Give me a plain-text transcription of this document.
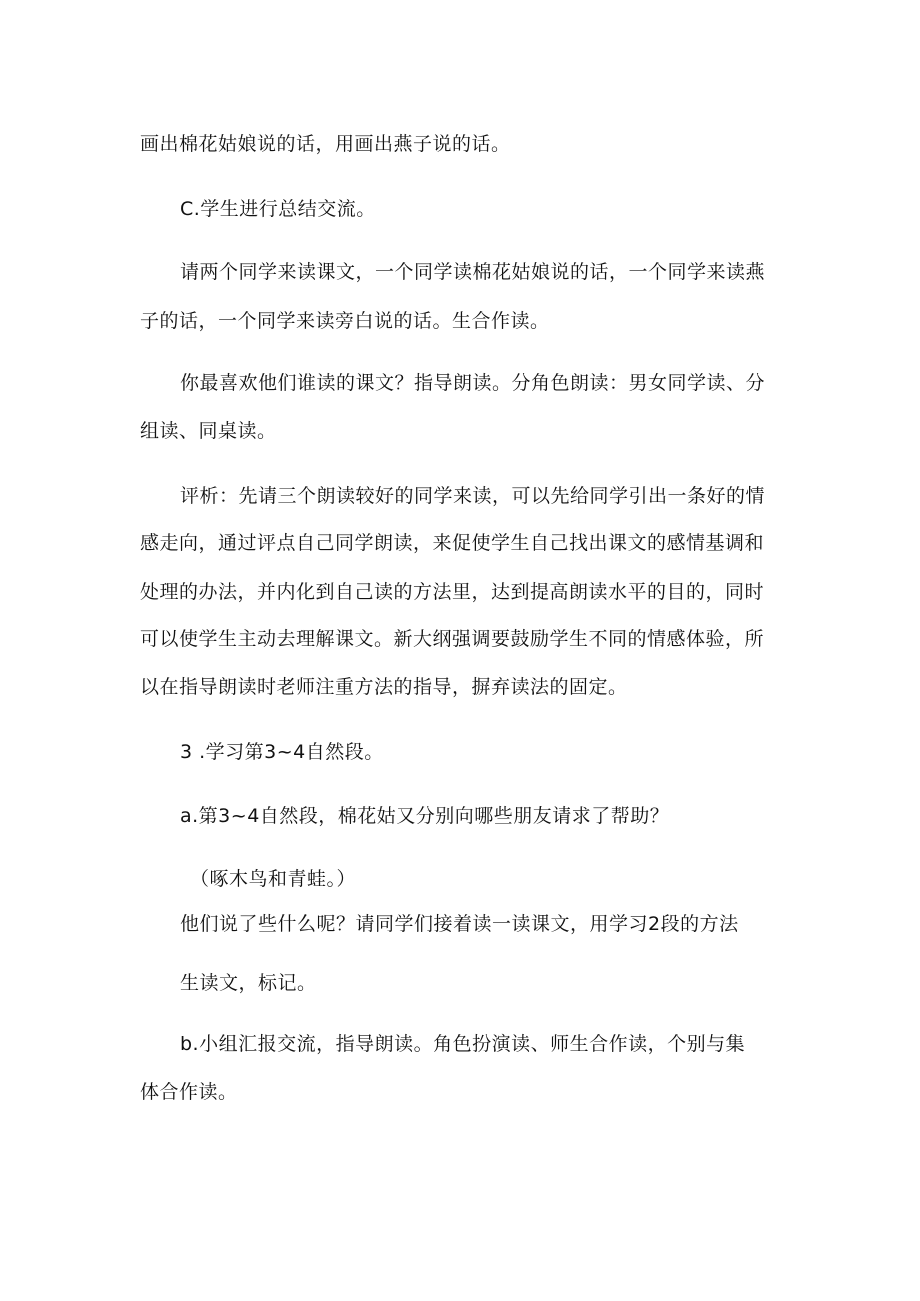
画出棉花姑娘说的话，用画出燕子说的话。
C.学生进行总结交流。
请两个同学来读课文，一个同学读棉花姑娘说的话，一个同学来读燕
子的话，一个同学来读旁白说的话。生合作读。
你最喜欢他们谁读的课文？指导朗读。分角色朗读：男女同学读、分
组读、同桌读。
评析：先请三个朗读较好的同学来读，可以先给同学引出一条好的情
感走向，通过评点自己同学朗读，来促使学生自己找出课文的感情基调和
处理的办法，并内化到自己读的方法里，达到提高朗读水平的目的，同时
可以使学生主动去理解课文。新大纲强调要鼓励学生不同的情感体验，所
以在指导朗读时老师注重方法的指导，摒弃读法的固定。
3 .学习第3~4自然段。
a.第3~4自然段，棉花姑又分别向哪些朋友请求了帮助？
（啄木鸟和青蛙。）
他们说了些什么呢？请同学们接着读一读课文，用学习2段的方法
生读文，标记。
b.小组汇报交流，指导朗读。角色扮演读、师生合作读，个别与集
体合作读。
